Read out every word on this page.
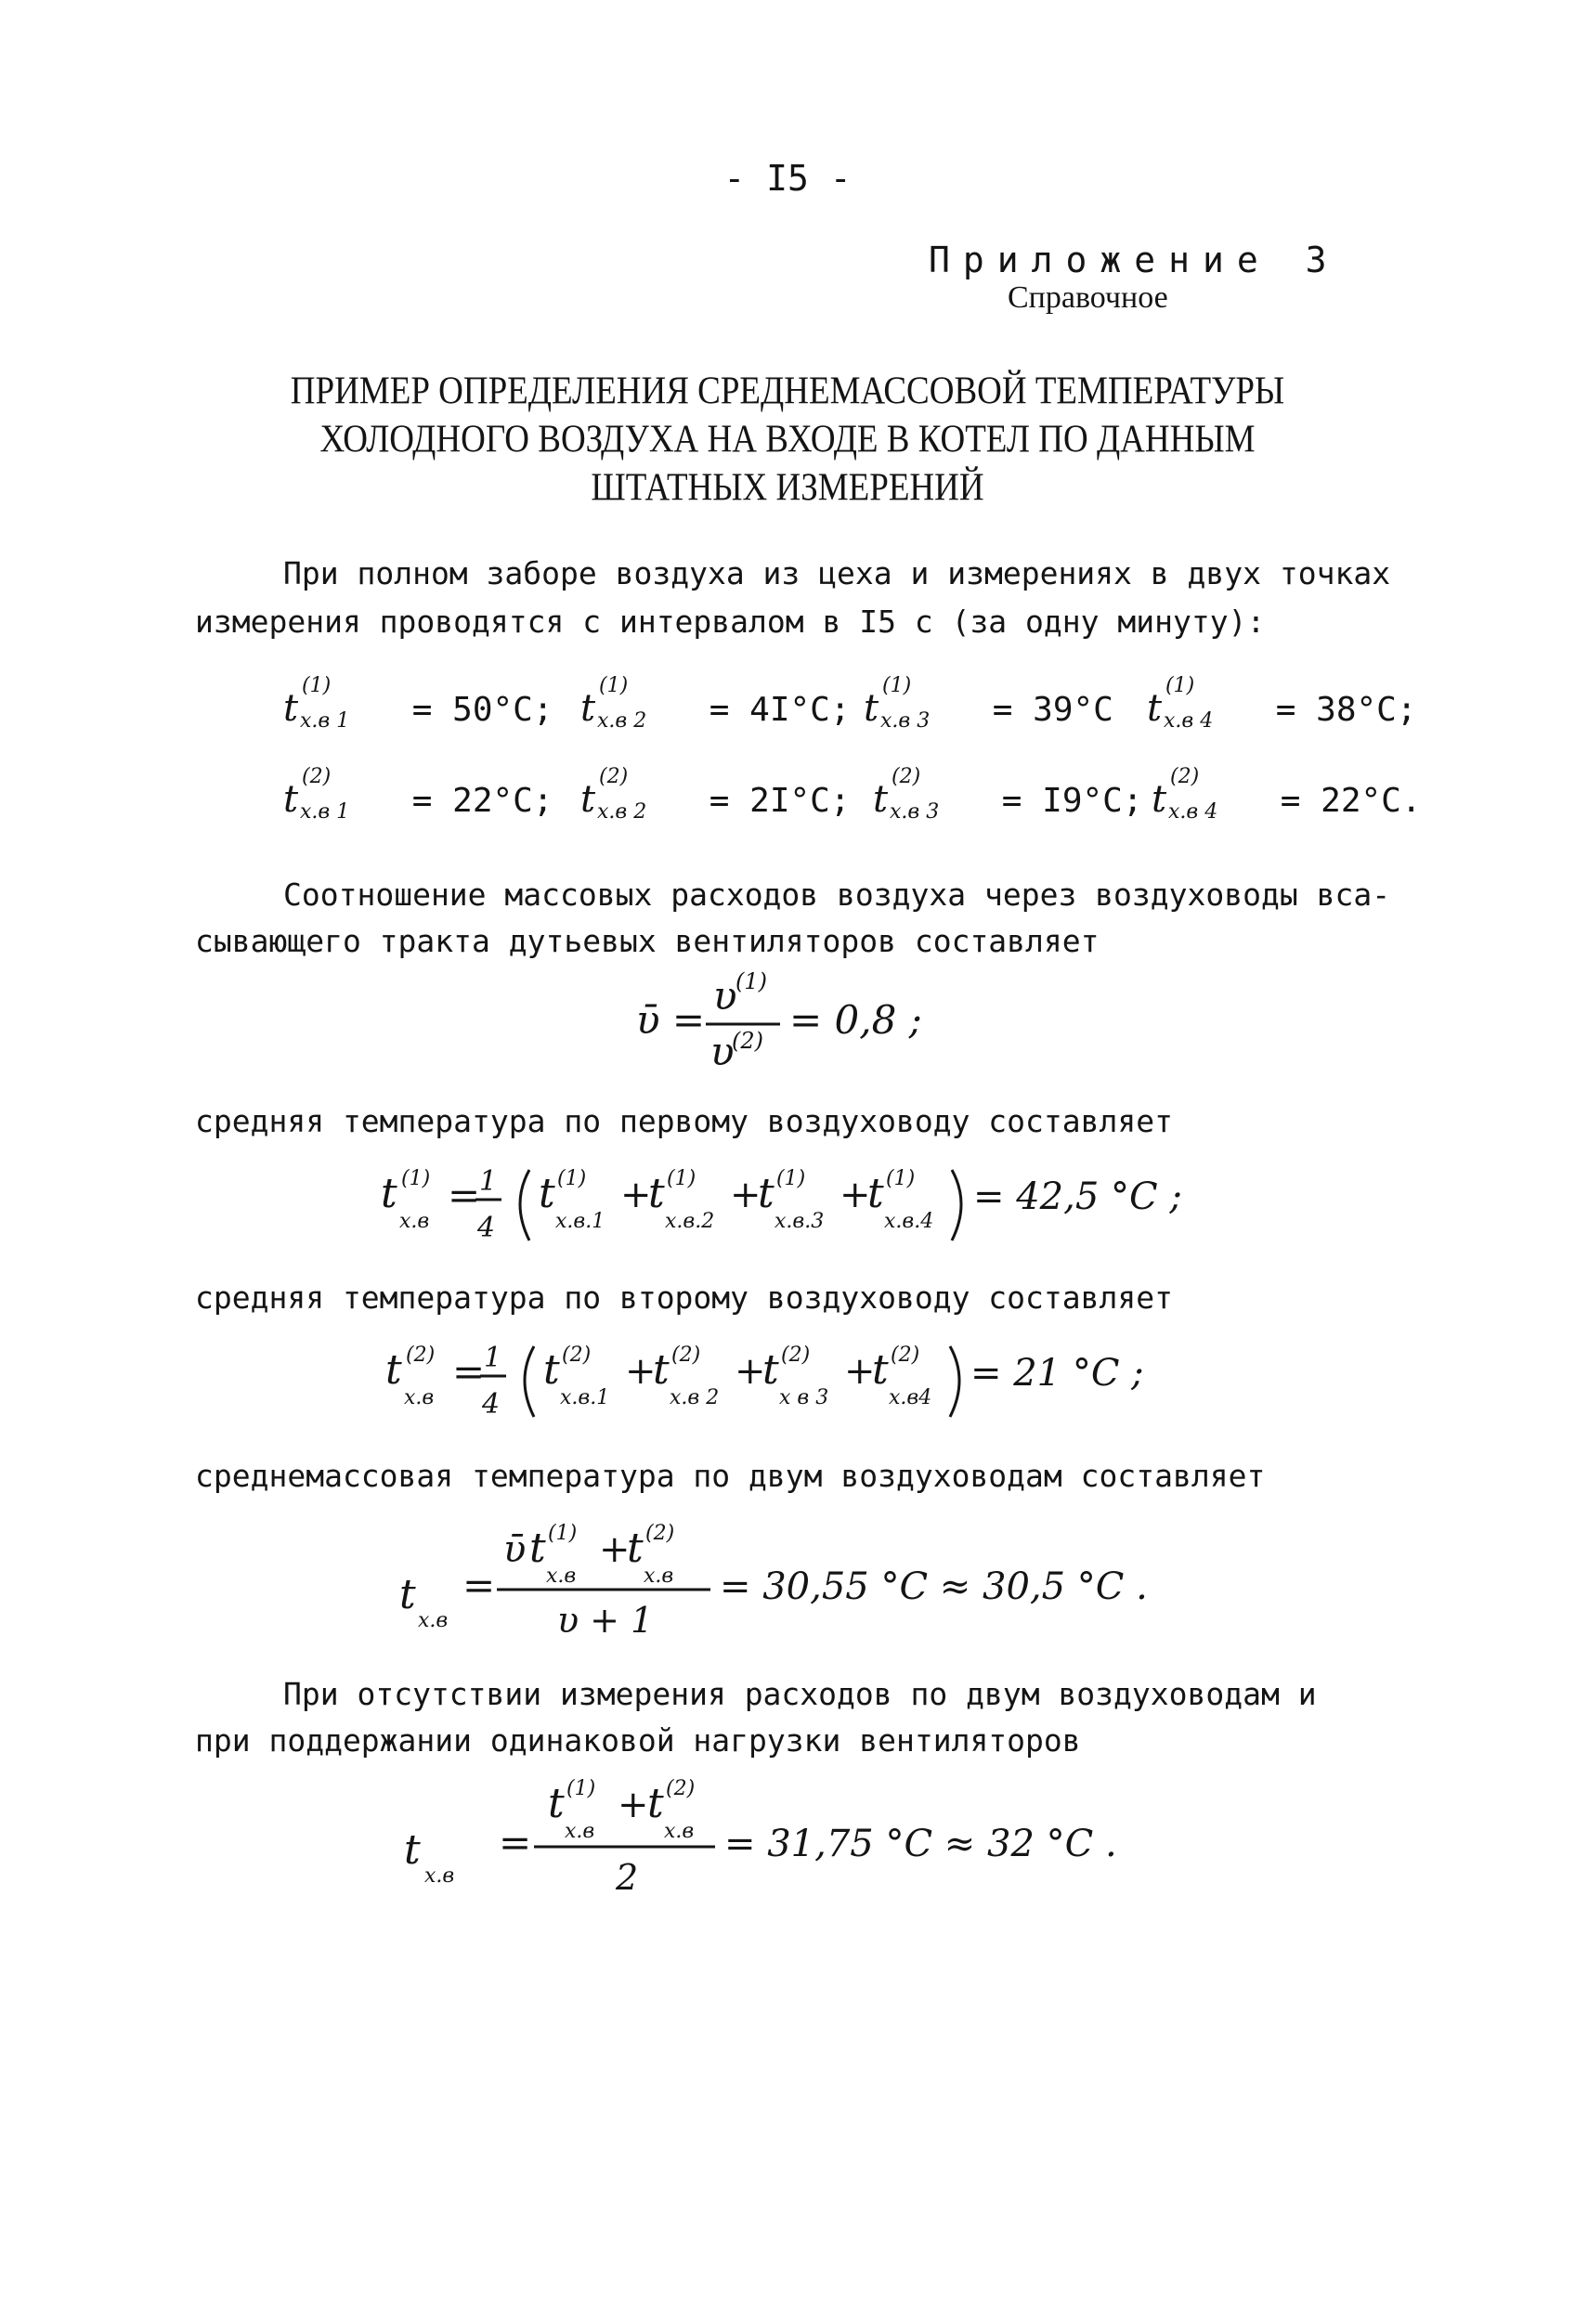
- I5 -
Приложение 3
Справочное
ПРИМЕР ОПРЕДЕЛЕНИЯ СРЕДНЕМАССОВОЙ ТЕМПЕРАТУРЫ
ХОЛОДНОГО ВОЗДУХА НА ВХОДЕ В КОТЕЛ ПО ДАННЫМ
ШТАТНЫХ ИЗМЕРЕНИЙ
При полном заборе воздуха из цеха и измерениях в двух точках
измерения проводятся с интервалом в I5 с (за одну минуту):
t
(1)
х.в 1 = 50°С; t
(1)
х.в 2 = 4I°С; t
(1)
х.в 3 = 39°С t
(1)
х.в 4 = 38°С;
t
(2)
х.в 1 = 22°С; t
(2)
х.в 2 = 2I°С; t
(2)
х.в 3 = I9°С; t
(2)
х.в 4 = 22°С.
Соотношение массовых расходов воздуха через воздуховоды вса-
сывающего тракта дутьевых вентиляторов составляет
ῡ =
υ
(1)
υ
(2) = 0,8 ;
средняя температура по первому воздуховоду составляет
t (1)
х.в
=
1
4
t (1)
х.в.1
+
t (1)
х.в.2
+
t (1)
х.в.3
+
t (1)
х.в.4
= 42,5 °С ;
средняя температура по второму воздуховоду составляет
t (2)
х.в
=
1
4
t (2)
х.в.1
+
t (2)
х.в 2
+
t (2)
х в 3
+
t (2)
х.в4
= 21 °С ;
среднемассовая температура по двум воздуховодам составляет
t
х.в
=
ῡ t (1)
х.в
+
t (2)
х.в
υ + 1
= 30,55 °С ≈ 30,5 °С .
При отсутствии измерения расходов по двум воздуховодам и
при поддержании одинаковой нагрузки вентиляторов
t
х.в
=
t (1)
х.в
+
t (2)
х.в
2
= 31,75 °С ≈ 32 °С .
